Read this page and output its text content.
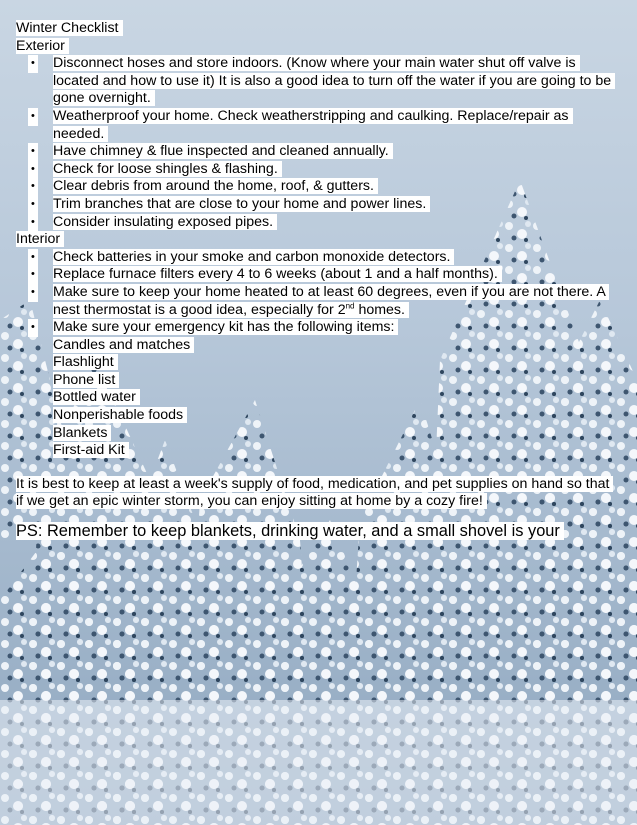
Winter Checklist
Exterior
• Disconnect hoses and store indoors. (Know where your main water shut off valve is located and how to use it) It is also a good idea to turn off the water if you are going to be gone overnight.
• Weatherproof your home. Check weatherstripping and caulking. Replace/repair as needed.
• Have chimney & flue inspected and cleaned annually.
• Check for loose shingles & flashing.
• Clear debris from around the home, roof, & gutters.
• Trim branches that are close to your home and power lines.
• Consider insulating exposed pipes.
Interior
• Check batteries in your smoke and carbon monoxide detectors.
• Replace furnace filters every 4 to 6 weeks (about 1 and a half months).
• Make sure to keep your home heated to at least 60 degrees, even if you are not there. A nest thermostat is a good idea, especially for 2nd homes.
• Make sure your emergency kit has the following items:
Candles and matches
Flashlight
Phone list
Bottled water
Nonperishable foods
Blankets
First-aid Kit
It is best to keep at least a week's supply of food, medication, and pet supplies on hand so that if we get an epic winter storm, you can enjoy sitting at home by a cozy fire!
PS: Remember to keep blankets, drinking water, and a small shovel is your
